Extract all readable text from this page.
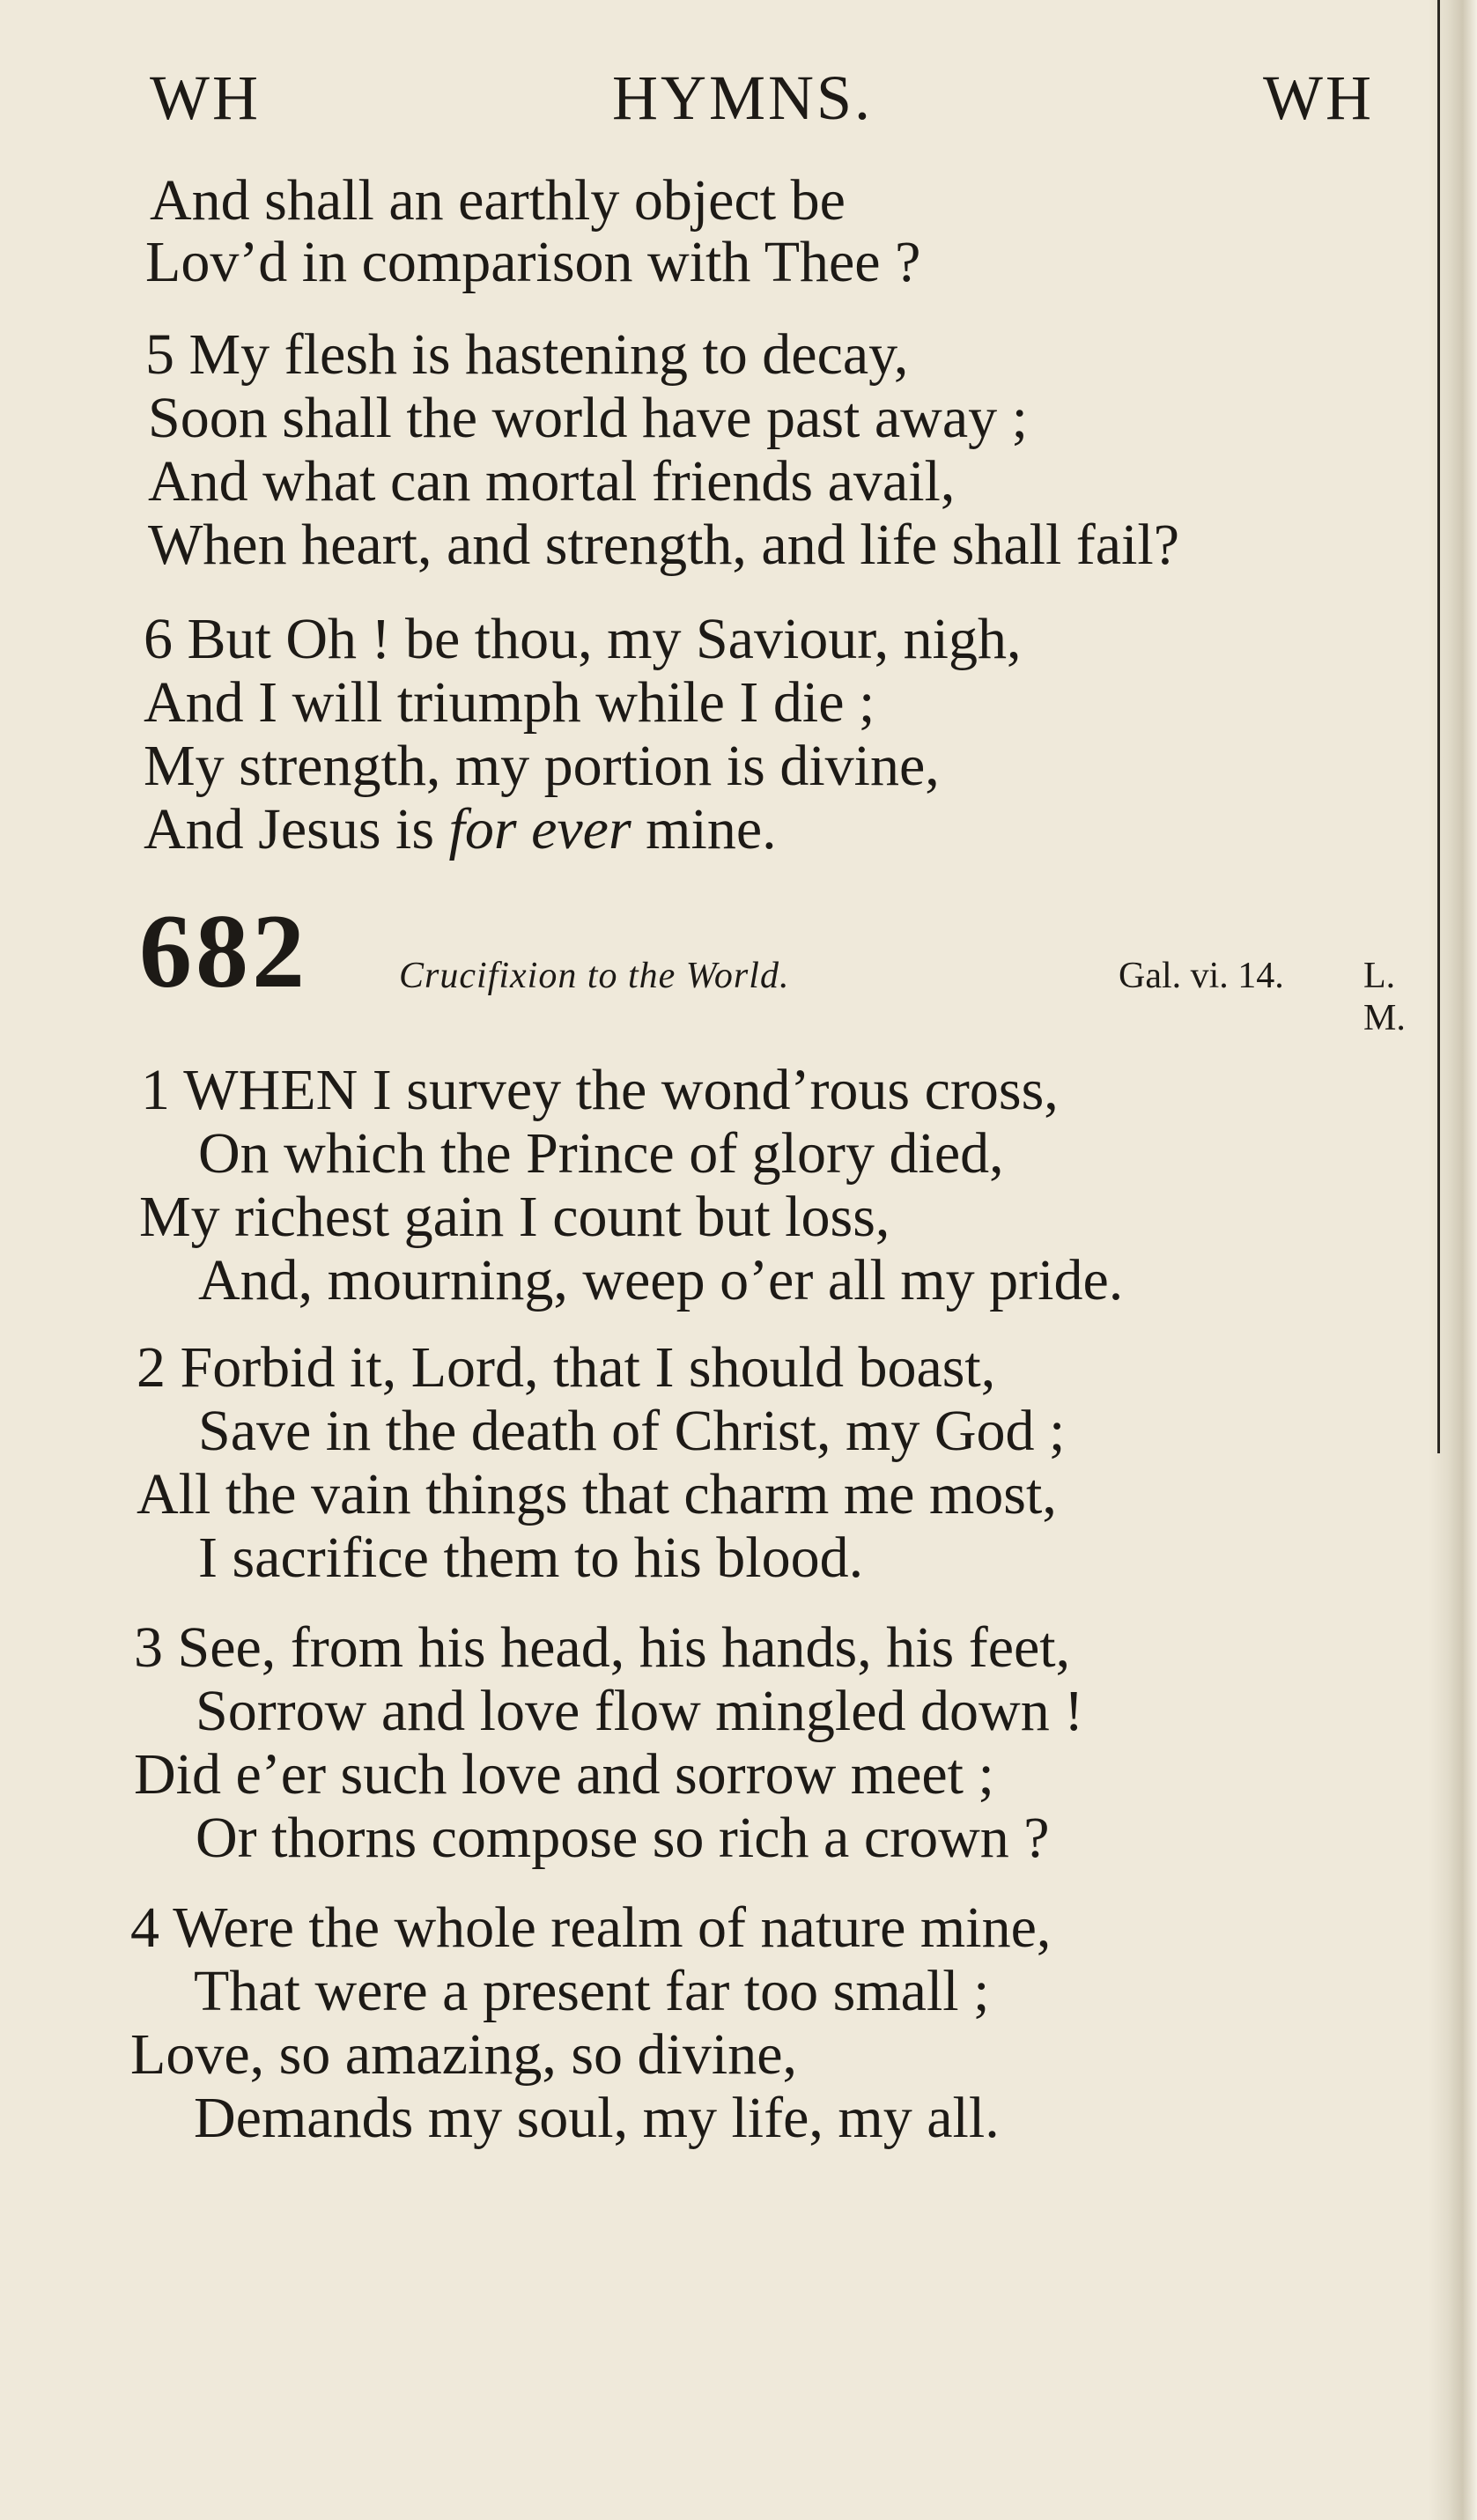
WH	HYMNS.	WH
And shall an earthly object be
Lov’d in comparison with Thee ?
5 My flesh is hastening to decay,
Soon shall the world have past away ;
And what can mortal friends avail,
When heart, and strength, and life shall fail?
6 But Oh ! be thou, my Saviour, nigh,
And I will triumph while I die ;
My strength, my portion is divine,
And Jesus is for ever mine.
682 Crucifixion to the World.	Gal. vi. 14. L. M.
1 WHEN I survey the wond’rous cross,
On which the Prince of glory died,
My richest gain I count but loss,
And, mourning, weep o’er all my pride.
2 Forbid it, Lord, that I should boast,
Save in the death of Christ, my God ;
All the vain things that charm me most,
I sacrifice them to his blood.
3 See, from his head, his hands, his feet,
Sorrow and love flow mingled down !
Did e’er such love and sorrow meet ;
Or thorns compose so rich a crown ?
4 Were the whole realm of nature mine,
That were a present far too small ;
Love, so amazing, so divine,
Demands my soul, my life, my all.
